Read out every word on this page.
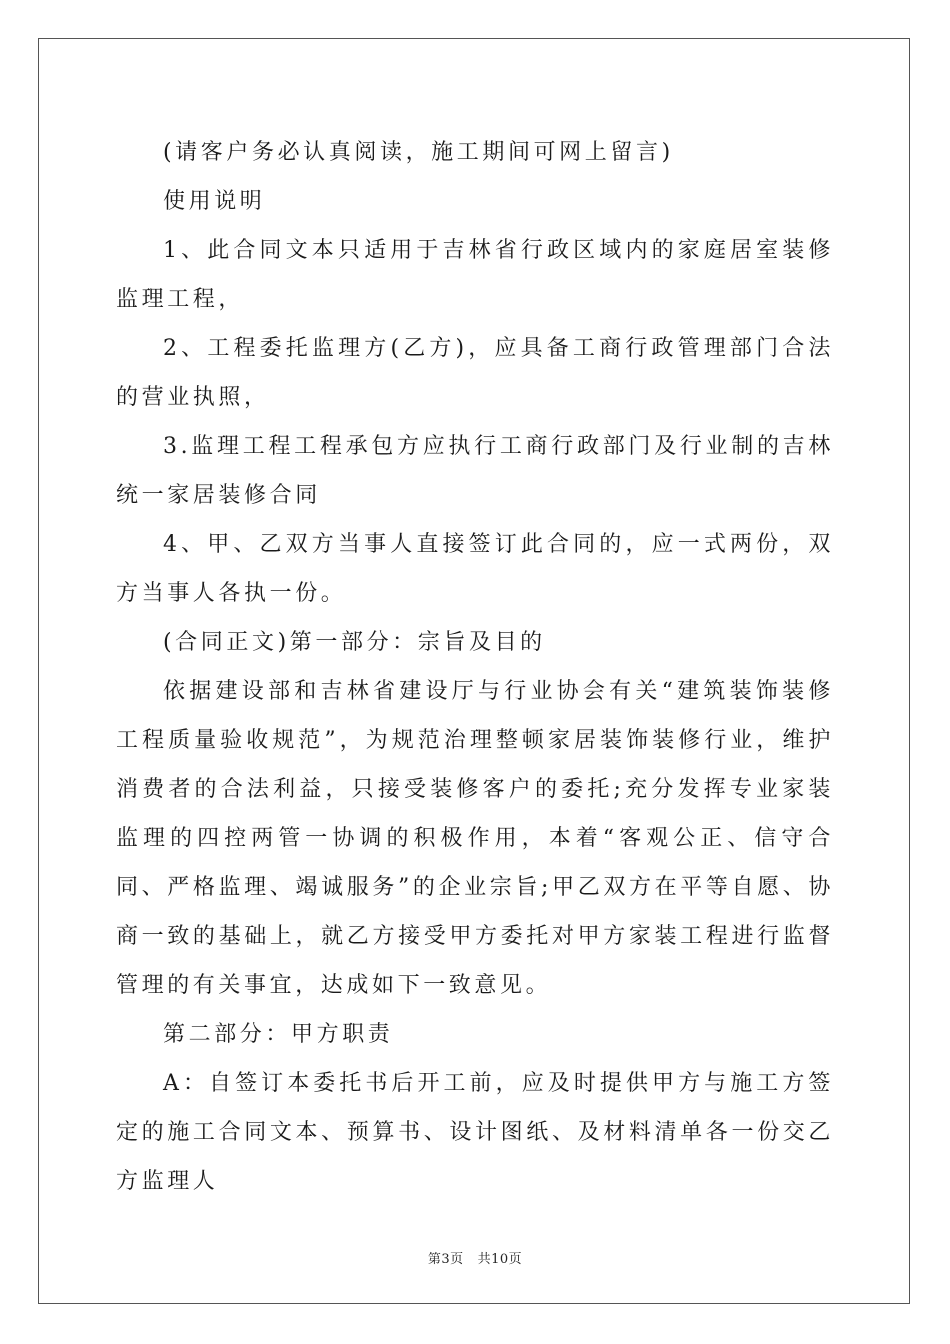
(请客户务必认真阅读，施工期间可网上留言)

使用说明

1、此合同文本只适用于吉林省行政区域内的家庭居室装修监理工程，

2、工程委托监理方(乙方)，应具备工商行政管理部门合法的营业执照，

3.监理工程工程承包方应执行工商行政部门及行业制的吉林统一家居装修合同

4、甲、乙双方当事人直接签订此合同的，应一式两份，双方当事人各执一份。

(合同正文)第一部分：宗旨及目的

依据建设部和吉林省建设厅与行业协会有关“建筑装饰装修工程质量验收规范”，为规范治理整顿家居装饰装修行业，维护消费者的合法利益，只接受装修客户的委托;充分发挥专业家装监理的四控两管一协调的积极作用，本着“客观公正、信守合同、严格监理、竭诚服务”的企业宗旨;甲乙双方在平等自愿、协商一致的基础上，就乙方接受甲方委托对甲方家装工程进行监督管理的有关事宜，达成如下一致意见。

第二部分：甲方职责

A：自签订本委托书后开工前，应及时提供甲方与施工方签定的施工合同文本、预算书、设计图纸、及材料清单各一份交乙方监理人

第3页 共10页
